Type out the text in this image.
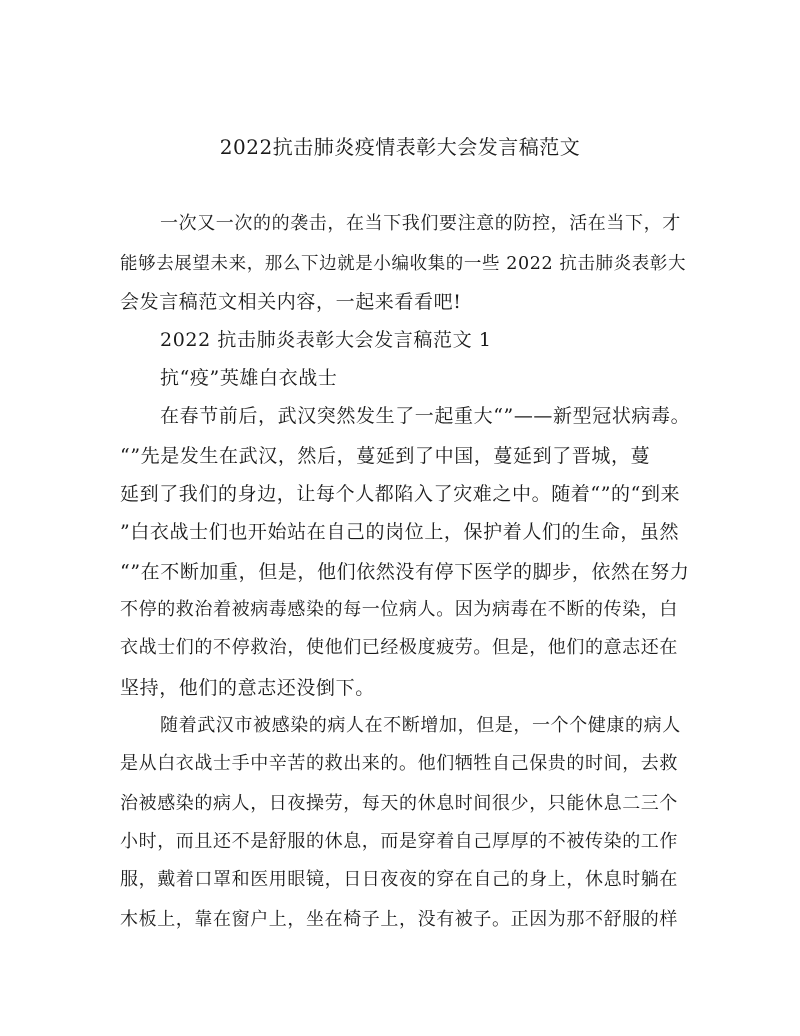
2022抗击肺炎疫情表彰大会发言稿范文
一次又一次的的袭击，在当下我们要注意的防控，活在当下，才
能够去展望未来，那么下边就是小编收集的一些 2022 抗击肺炎表彰大
会发言稿范文相关内容，一起来看看吧!
2022 抗击肺炎表彰大会发言稿范文 1
抗“疫”英雄白衣战士
在春节前后，武汉突然发生了一起重大“”——新型冠状病毒。
“”先是发生在武汉，然后，蔓延到了中国，蔓延到了晋城，蔓
延到了我们的身边，让每个人都陷入了灾难之中。随着“”的“到来
”白衣战士们也开始站在自己的岗位上，保护着人们的生命，虽然
“”在不断加重，但是，他们依然没有停下医学的脚步，依然在努力
不停的救治着被病毒感染的每一位病人。因为病毒在不断的传染，白
衣战士们的不停救治，使他们已经极度疲劳。但是，他们的意志还在
坚持，他们的意志还没倒下。
随着武汉市被感染的病人在不断增加，但是，一个个健康的病人
是从白衣战士手中辛苦的救出来的。他们牺牲自己保贵的时间，去救
治被感染的病人，日夜操劳，每天的休息时间很少，只能休息二三个
小时，而且还不是舒服的休息，而是穿着自己厚厚的不被传染的工作
服，戴着口罩和医用眼镜，日日夜夜的穿在自己的身上，休息时躺在
木板上，靠在窗户上，坐在椅子上，没有被子。正因为那不舒服的样
